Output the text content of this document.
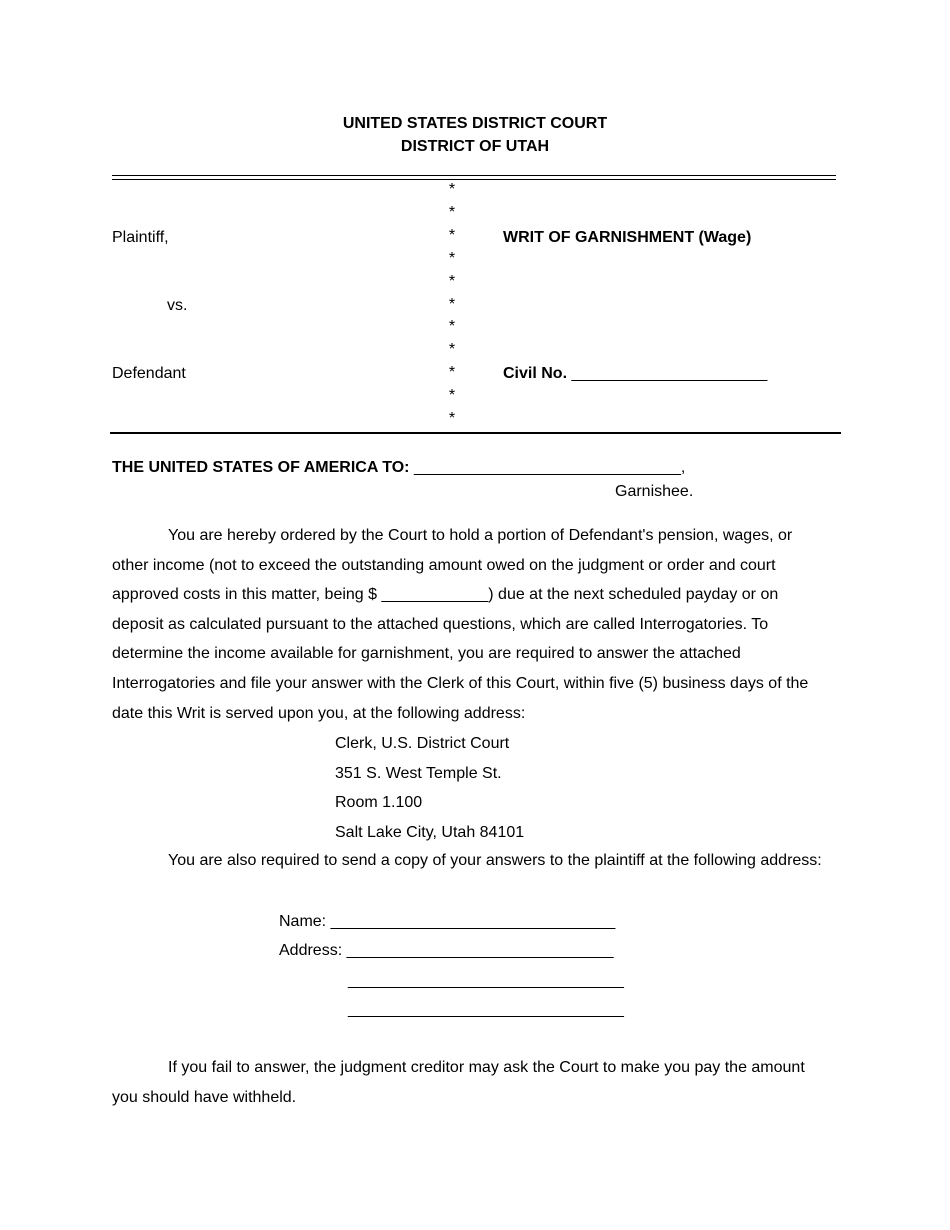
UNITED STATES DISTRICT COURT
DISTRICT OF UTAH
*
*
*
*
*
*
*
*
*
*
*
Plaintiff,
vs.
Defendant
WRIT OF GARNISHMENT (Wage)
Civil No. ______________________
THE UNITED STATES OF AMERICA TO: ______________________________,
Garnishee.
You are hereby ordered by the Court to hold a portion of Defendant's pension, wages, or other income (not to exceed the outstanding amount owed on the judgment or order and court approved costs in this matter, being $ ____________) due at the next scheduled payday or on deposit as calculated pursuant to the attached questions, which are called Interrogatories. To determine the income available for garnishment, you are required to answer the attached Interrogatories and file your answer with the Clerk of this Court, within five (5) business days of the date this Writ is served upon you, at the following address:
Clerk, U.S. District Court
351 S. West Temple St.
Room 1.100
Salt Lake City, Utah 84101
You are also required to send a copy of your answers to the plaintiff at the following address:
Name: ________________________________
Address: ______________________________
_______________________________
_______________________________
If you fail to answer, the judgment creditor may ask the Court to make you pay the amount you should have withheld.
